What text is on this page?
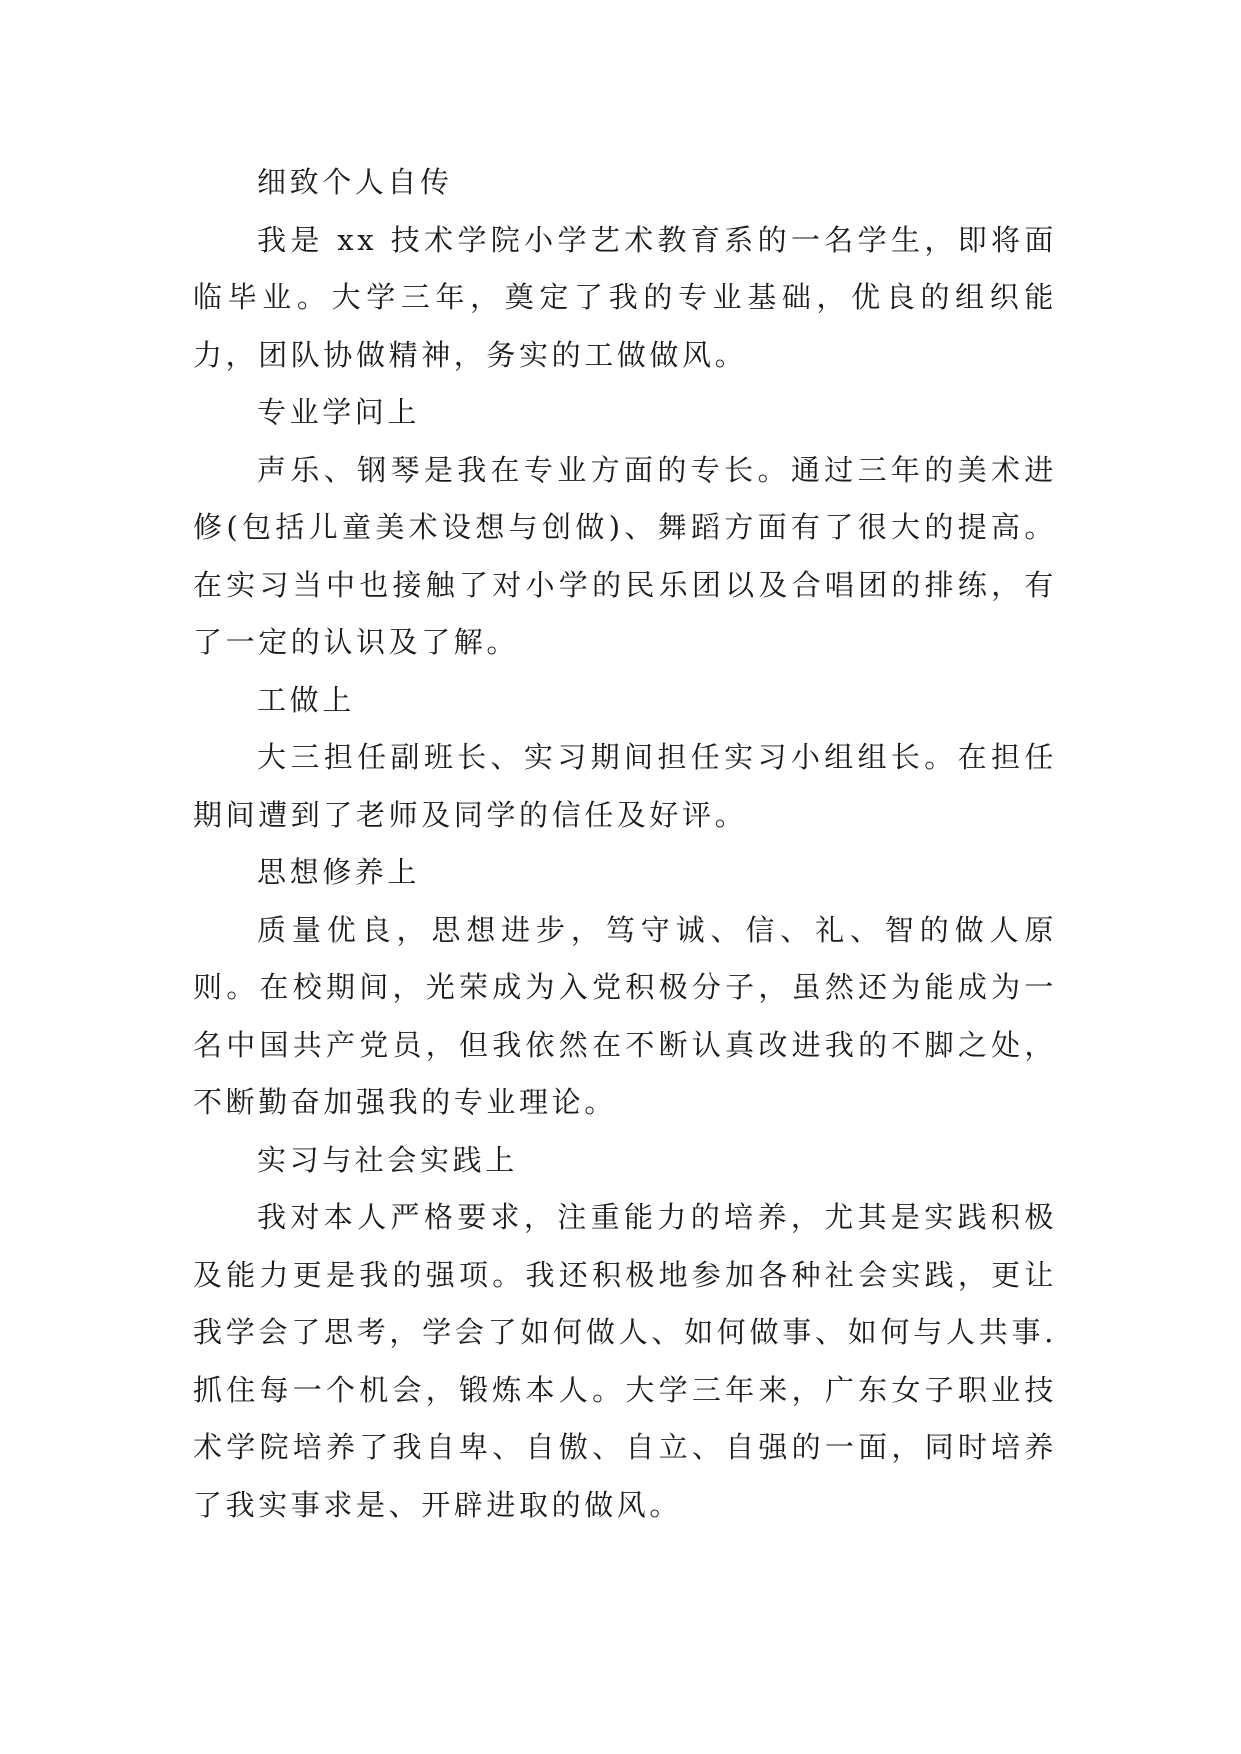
细致个人自传

我是 xx 技术学院小学艺术教育系的一名学生，即将面临毕业。大学三年，奠定了我的专业基础，优良的组织能力，团队协做精神，务实的工做做风。

专业学问上

声乐、钢琴是我在专业方面的专长。通过三年的美术进修(包括儿童美术设想与创做)、舞蹈方面有了很大的提高。在实习当中也接触了对小学的民乐团以及合唱团的排练，有了一定的认识及了解。

工做上

大三担任副班长、实习期间担任实习小组组长。在担任期间遭到了老师及同学的信任及好评。

思想修养上

质量优良，思想进步，笃守诚、信、礼、智的做人原则。在校期间，光荣成为入党积极分子，虽然还为能成为一名中国共产党员，但我依然在不断认真改进我的不脚之处，不断勤奋加强我的专业理论。

实习与社会实践上

我对本人严格要求，注重能力的培养，尤其是实践积极及能力更是我的强项。我还积极地参加各种社会实践，更让我学会了思考，学会了如何做人、如何做事、如何与人共事. 抓住每一个机会，锻炼本人。大学三年来，广东女子职业技术学院培养了我自卑、自傲、自立、自强的一面，同时培养了我实事求是、开辟进取的做风。
